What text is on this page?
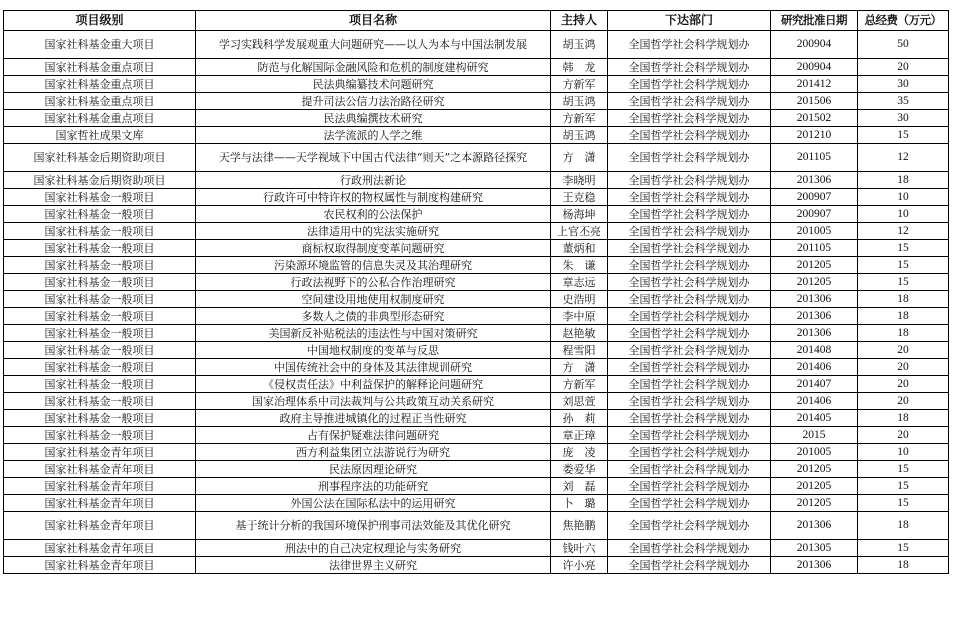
项目级别	项目名称	主持人	下达部门	研究批准日期	总经费（万元）
国家社科基金重大项目	学习实践科学发展观重大问题研究——以人为本与中国法制发展	胡玉鸿	全国哲学社会科学规划办	200904	50
国家社科基金重点项目	防范与化解国际金融风险和危机的制度建构研究	韩　龙	全国哲学社会科学规划办	200904	20
国家社科基金重点项目	民法典编纂技术问题研究	方新军	全国哲学社会科学规划办	201412	30
国家社科基金重点项目	提升司法公信力法治路径研究	胡玉鸿	全国哲学社会科学规划办	201506	35
国家社科基金重点项目	民法典编撰技术研究	方新军	全国哲学社会科学规划办	201502	30
国家哲社成果文库	法学流派的人学之维	胡玉鸿	全国哲学社会科学规划办	201210	15
国家社科基金后期资助项目	天学与法律——天学视域下中国古代法律“则天”之本源路径探究	方　潇	全国哲学社会科学规划办	201105	12
国家社科基金后期资助项目	行政刑法新论	李晓明	全国哲学社会科学规划办	201306	18
国家社科基金一般项目	行政许可中特许权的物权属性与制度构建研究	王克稳	全国哲学社会科学规划办	200907	10
国家社科基金一般项目	农民权利的公法保护	杨海坤	全国哲学社会科学规划办	200907	10
国家社科基金一般项目	法律适用中的宪法实施研究	上官丕亮	全国哲学社会科学规划办	201005	12
国家社科基金一般项目	商标权取得制度变革问题研究	董炳和	全国哲学社会科学规划办	201105	15
国家社科基金一般项目	污染源环境监管的信息失灵及其治理研究	朱　谦	全国哲学社会科学规划办	201205	15
国家社科基金一般项目	行政法视野下的公私合作治理研究	章志远	全国哲学社会科学规划办	201205	15
国家社科基金一般项目	空间建设用地使用权制度研究	史浩明	全国哲学社会科学规划办	201306	18
国家社科基金一般项目	多数人之债的非典型形态研究	李中原	全国哲学社会科学规划办	201306	18
国家社科基金一般项目	美国新反补贴税法的违法性与中国对策研究	赵艳敏	全国哲学社会科学规划办	201306	18
国家社科基金一般项目	中国地权制度的变革与反思	程雪阳	全国哲学社会科学规划办	201408	20
国家社科基金一般项目	中国传统社会中的身体及其法律规训研究	方　潇	全国哲学社会科学规划办	201406	20
国家社科基金一般项目	《侵权责任法》中利益保护的解释论问题研究	方新军	全国哲学社会科学规划办	201407	20
国家社科基金一般项目	国家治理体系中司法裁判与公共政策互动关系研究	刘思萱	全国哲学社会科学规划办	201406	20
国家社科基金一般项目	政府主导推进城镇化的过程正当性研究	孙　莉	全国哲学社会科学规划办	201405	18
国家社科基金一般项目	占有保护疑难法律问题研究	章正璋	全国哲学社会科学规划办	2015	20
国家社科基金青年项目	西方利益集团立法游说行为研究	庞　凌	全国哲学社会科学规划办	201005	10
国家社科基金青年项目	民法原因理论研究	娄爱华	全国哲学社会科学规划办	201205	15
国家社科基金青年项目	刑事程序法的功能研究	刘　磊	全国哲学社会科学规划办	201205	15
国家社科基金青年项目	外国公法在国际私法中的运用研究	卜　璐	全国哲学社会科学规划办	201205	15
国家社科基金青年项目	基于统计分析的我国环境保护刑事司法效能及其优化研究	焦艳鹏	全国哲学社会科学规划办	201306	18
国家社科基金青年项目	刑法中的自己决定权理论与实务研究	钱叶六	全国哲学社会科学规划办	201305	15
国家社科基金青年项目	法律世界主义研究	许小亮	全国哲学社会科学规划办	201306	18
